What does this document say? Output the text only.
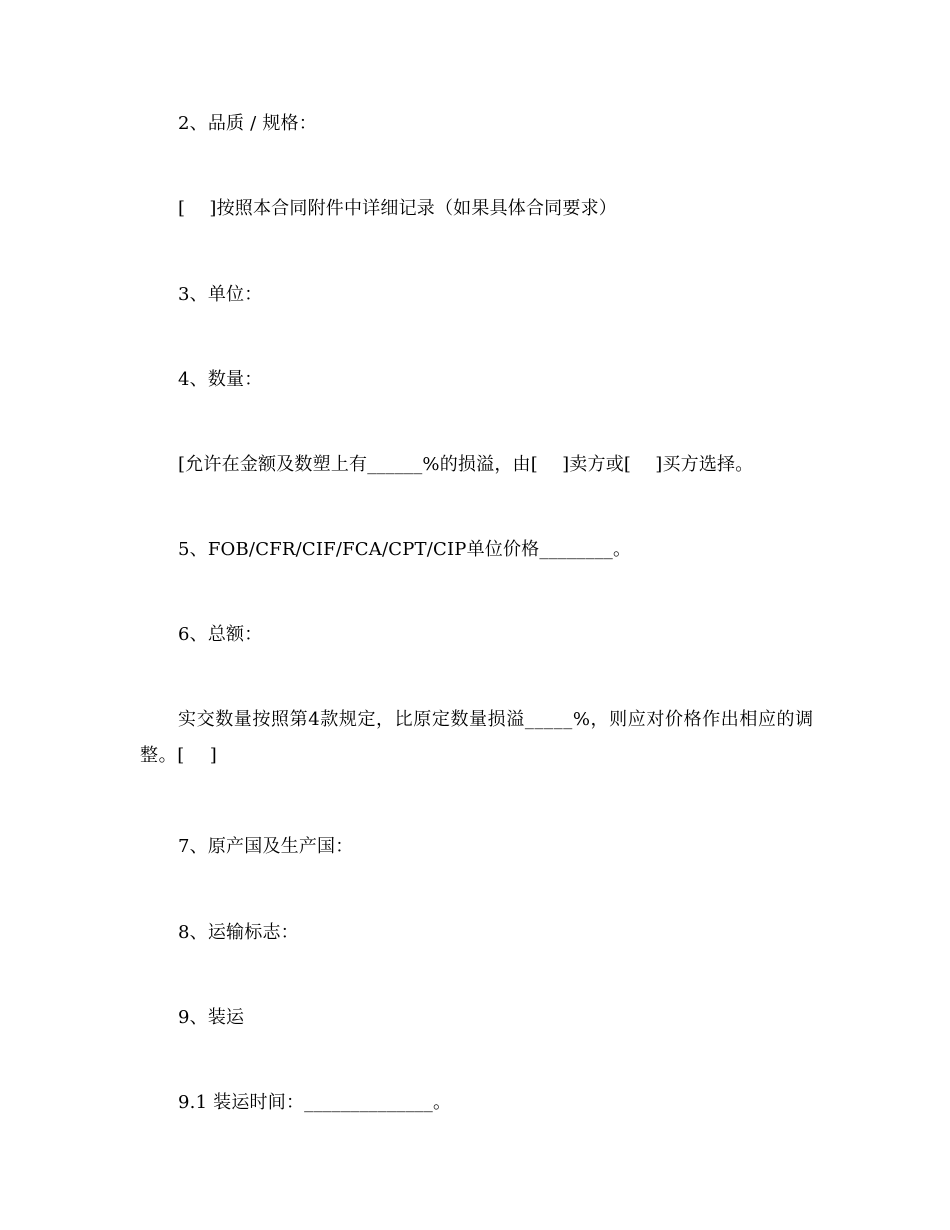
2、品质 / 规格：
[　 ]按照本合同附件中详细记录（如果具体合同要求）
3、单位：
4、数量：
[允许在金额及数塑上有______%的损溢，由[　 ]卖方或[　 ]买方选择。
5、FOB/CFR/CIF/FCA/CPT/CIP单位价格________。
6、总额：
实交数量按照第4款规定，比原定数量损溢_____%，则应对价格作出相应的调整。[　 ]
7、原产国及生产国：
8、运输标志：
9、装运
9.1 装运时间：______________。
